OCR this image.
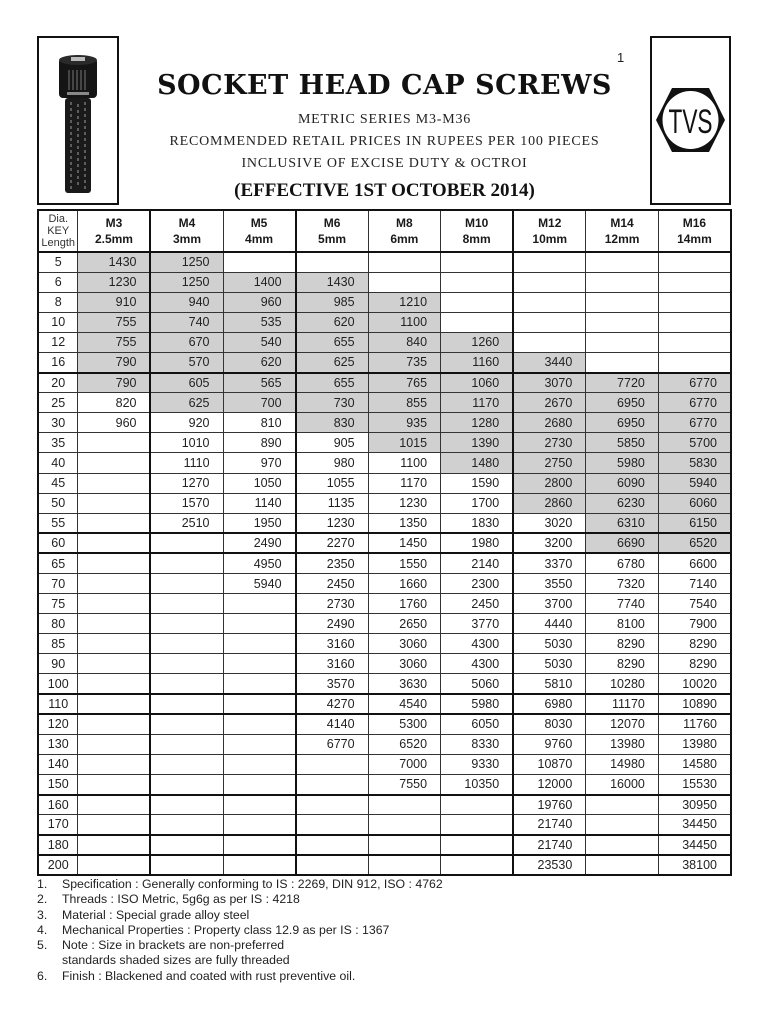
1
SOCKET HEAD CAP SCREWS
METRIC SERIES M3-M36
RECOMMENDED RETAIL PRICES IN RUPEES PER 100 PIECES
INCLUSIVE OF EXCISE DUTY & OCTROI
(EFFECTIVE 1ST OCTOBER 2014)
TVS
Dia.
KEY
Length

M3
2.5mm

M4
3mm

M5
4mm

M6
5mm

M8
6mm

M10
8mm

M12
10mm

M14
12mm

M16
14mm

5	1430	1250							
6	1230	1250	1400	1430					
8	910	940	960	985	1210				
10	755	740	535	620	1100				
12	755	670	540	655	840	1260			
16	790	570	620	625	735	1160	3440		
20	790	605	565	655	765	1060	3070	7720	6770
25	820	625	700	730	855	1170	2670	6950	6770
30	960	920	810	830	935	1280	2680	6950	6770
35		1010	890	905	1015	1390	2730	5850	5700
40		1110	970	980	1100	1480	2750	5980	5830
45		1270	1050	1055	1170	1590	2800	6090	5940
50		1570	1140	1135	1230	1700	2860	6230	6060
55		2510	1950	1230	1350	1830	3020	6310	6150
60			2490	2270	1450	1980	3200	6690	6520
65			4950	2350	1550	2140	3370	6780	6600
70			5940	2450	1660	2300	3550	7320	7140
75				2730	1760	2450	3700	7740	7540
80				2490	2650	3770	4440	8100	7900
85				3160	3060	4300	5030	8290	8290
90				3160	3060	4300	5030	8290	8290
100				3570	3630	5060	5810	10280	10020
110				4270	4540	5980	6980	11170	10890
120				4140	5300	6050	8030	12070	11760
130				6770	6520	8330	9760	13980	13980
140					7000	9330	10870	14980	14580
150					7550	10350	12000	16000	15530
160							19760		30950
170							21740		34450
180							21740		34450
200							23530		38100
1.	Specification : Generally conforming to IS : 2269, DIN 912, ISO : 4762
2.	Threads : ISO Metric, 5g6g as per IS : 4218
3.	Material : Special grade alloy steel
4.	Mechanical Properties : Property class 12.9 as per IS : 1367
5.	Note : Size in brackets are non-preferred
standards shaded sizes are fully threaded
6.	Finish : Blackened and coated with rust preventive oil.
